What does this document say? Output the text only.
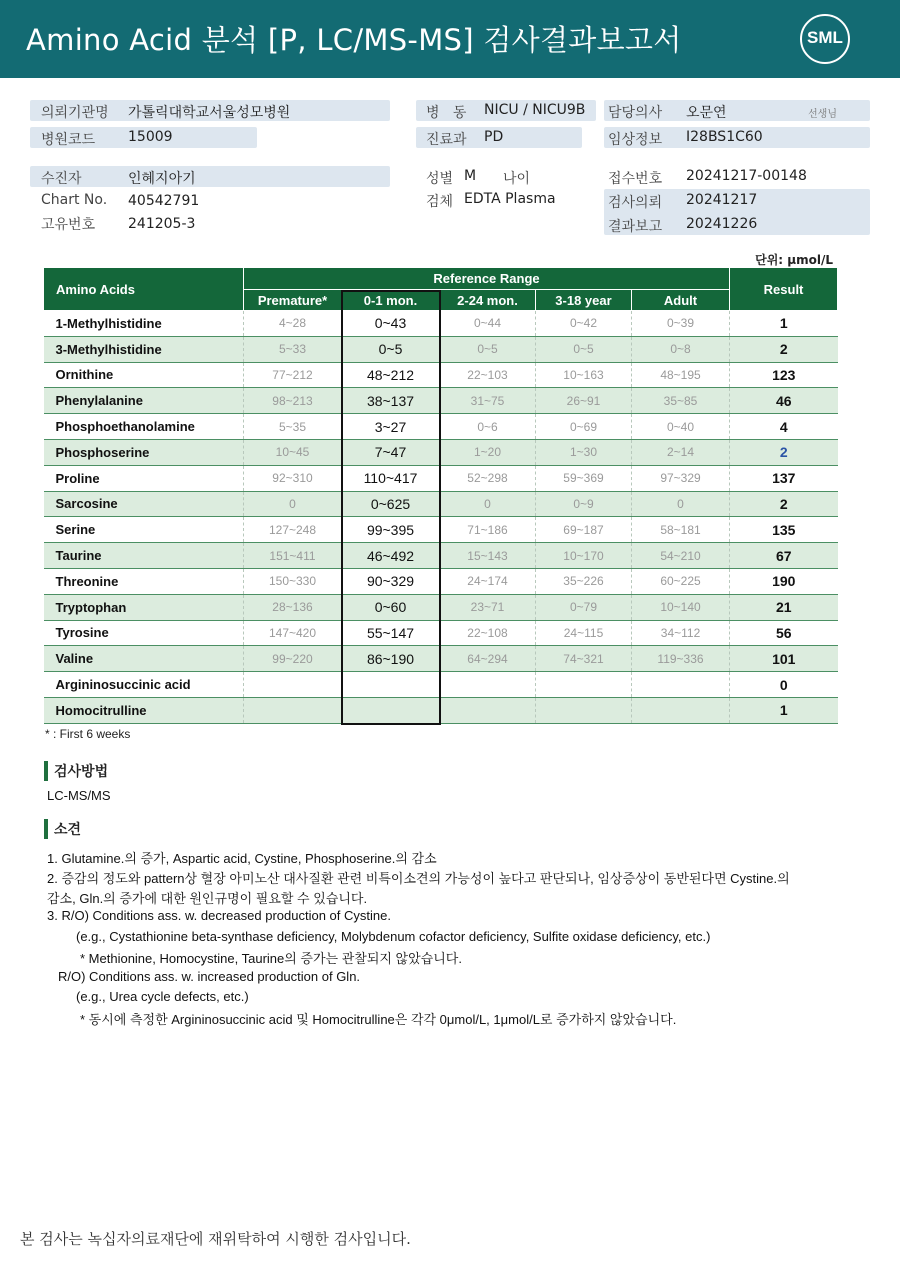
Amino Acid 분석 [P, LC/MS-MS] 검사결과보고서	SML
의뢰기관명 가톨릭대학교서울성모병원
병원코드 15009
병   동 NICU / NICU9B
진료과 PD
담당의사 오문연	선생님
임상정보 I28BS1C60
수진자	인혜지아기
Chart No. 40542791
고유번호 241205-3
성별 M 나이
검체 EDTA Plasma
접수번호 20241217-00148
검사의뢰 20241217
결과보고 20241226
단위: μmol/L
Amino Acids	Reference Range					Result
	Premature*	0-1 mon.	2-24 mon.	3-18 year	Adult	
1-Methylhistidine	4~28	0~43	0~44	0~42	0~39	1
3-Methylhistidine	5~33	0~5	0~5	0~5	0~8	2
Ornithine	77~212	48~212	22~103	10~163	48~195	123
Phenylalanine	98~213	38~137	31~75	26~91	35~85	46
Phosphoethanolamine	5~35	3~27	0~6	0~69	0~40	4
Phosphoserine	10~45	7~47	1~20	1~30	2~14	2
Proline	92~310	110~417	52~298	59~369	97~329	137
Sarcosine	0	0~625	0	0~9	0	2
Serine	127~248	99~395	71~186	69~187	58~181	135
Taurine	151~411	46~492	15~143	10~170	54~210	67
Threonine	150~330	90~329	24~174	35~226	60~225	190
Tryptophan	28~136	0~60	23~71	0~79	10~140	21
Tyrosine	147~420	55~147	22~108	24~115	34~112	56
Valine	99~220	86~190	64~294	74~321	119~336	101
Argininosuccinic acid						0
Homocitrulline						1
* : First 6 weeks
검사방법
LC-MS/MS
소견
1. Glutamine.의 증가, Aspartic acid, Cystine, Phosphoserine.의 감소
2. 증감의 정도와 pattern상 혈장 아미노산 대사질환 관련 비특이소견의 가능성이 높다고 판단되나, 임상증상이 동반된다면 Cystine.의
감소, Gln.의 증가에 대한 원인규명이 필요할 수 있습니다.
3. R/O) Conditions ass. w. decreased production of Cystine.
(e.g., Cystathionine beta-synthase deficiency, Molybdenum cofactor deficiency, Sulfite oxidase deficiency, etc.)
* Methionine, Homocystine, Taurine의 증가는 관찰되지 않았습니다.
R/O) Conditions ass. w. increased production of Gln.
(e.g., Urea cycle defects, etc.)
* 동시에 측정한 Argininosuccinic acid 및 Homocitrulline은 각각 0μmol/L, 1μmol/L로 증가하지 않았습니다.
본 검사는 녹십자의료재단에 재위탁하여 시행한 검사입니다.
